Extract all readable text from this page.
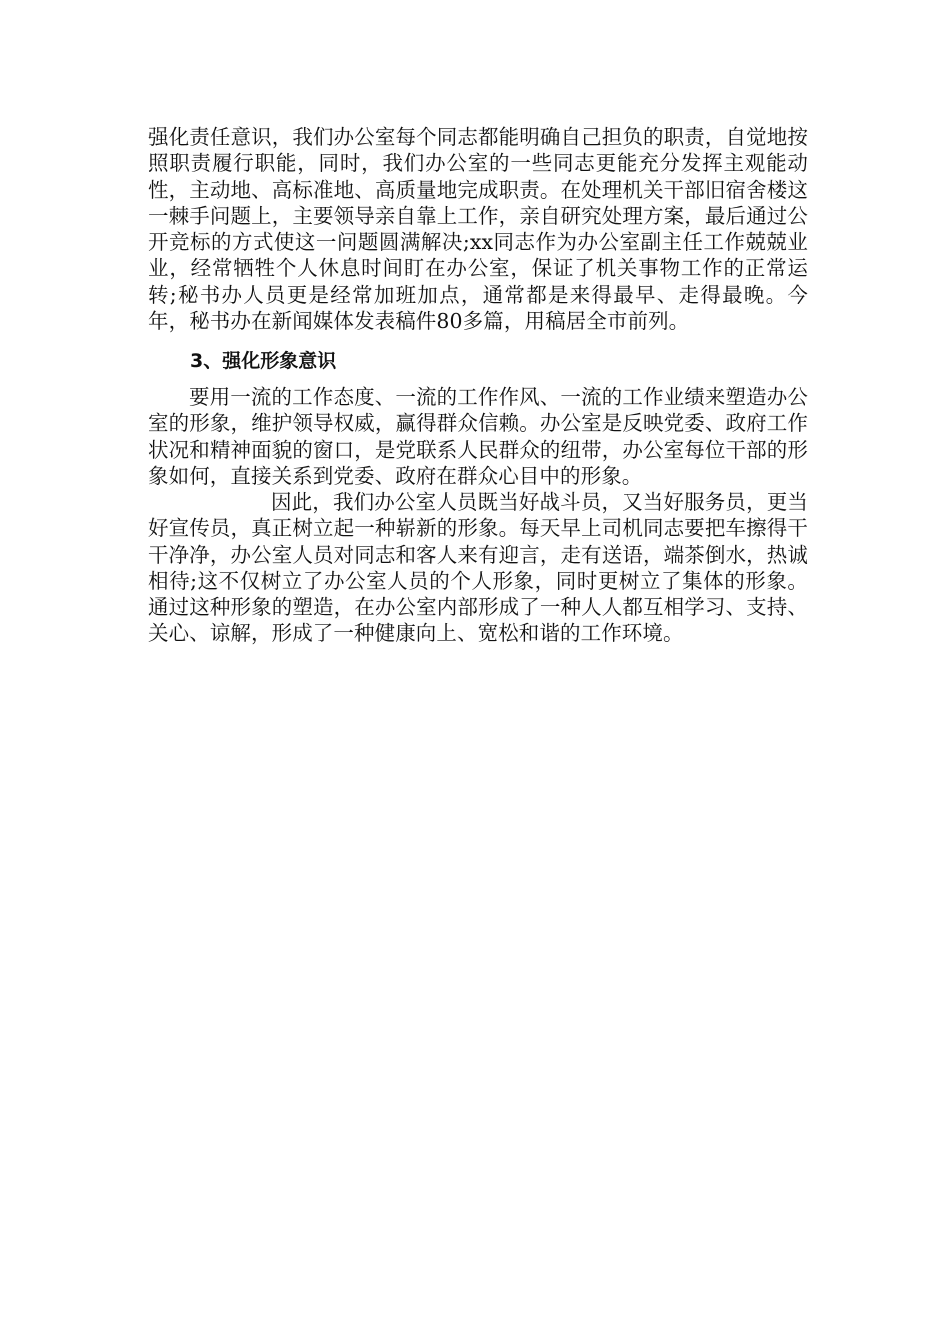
强化责任意识，我们办公室每个同志都能明确自己担负的职责，自觉地按照职责履行职能，同时，我们办公室的一些同志更能充分发挥主观能动性，主动地、高标准地、高质量地完成职责。在处理机关干部旧宿舍楼这一棘手问题上，主要领导亲自靠上工作，亲自研究处理方案，最后通过公开竞标的方式使这一问题圆满解决;xx同志作为办公室副主任工作兢兢业业，经常牺牲个人休息时间盯在办公室，保证了机关事物工作的正常运转;秘书办人员更是经常加班加点，通常都是来得最早、走得最晚。今年，秘书办在新闻媒体发表稿件80多篇，用稿居全市前列。
3、强化形象意识
要用一流的工作态度、一流的工作作风、一流的工作业绩来塑造办公室的形象，维护领导权威，赢得群众信赖。办公室是反映党委、政府工作状况和精神面貌的窗口，是党联系人民群众的纽带，办公室每位干部的形象如何，直接关系到党委、政府在群众心目中的形象。
因此，我们办公室人员既当好战斗员，又当好服务员，更当好宣传员，真正树立起一种崭新的形象。每天早上司机同志要把车擦得干干净净，办公室人员对同志和客人来有迎言，走有送语，端茶倒水，热诚相待;这不仅树立了办公室人员的个人形象，同时更树立了集体的形象。通过这种形象的塑造，在办公室内部形成了一种人人都互相学习、支持、关心、谅解，形成了一种健康向上、宽松和谐的工作环境。
